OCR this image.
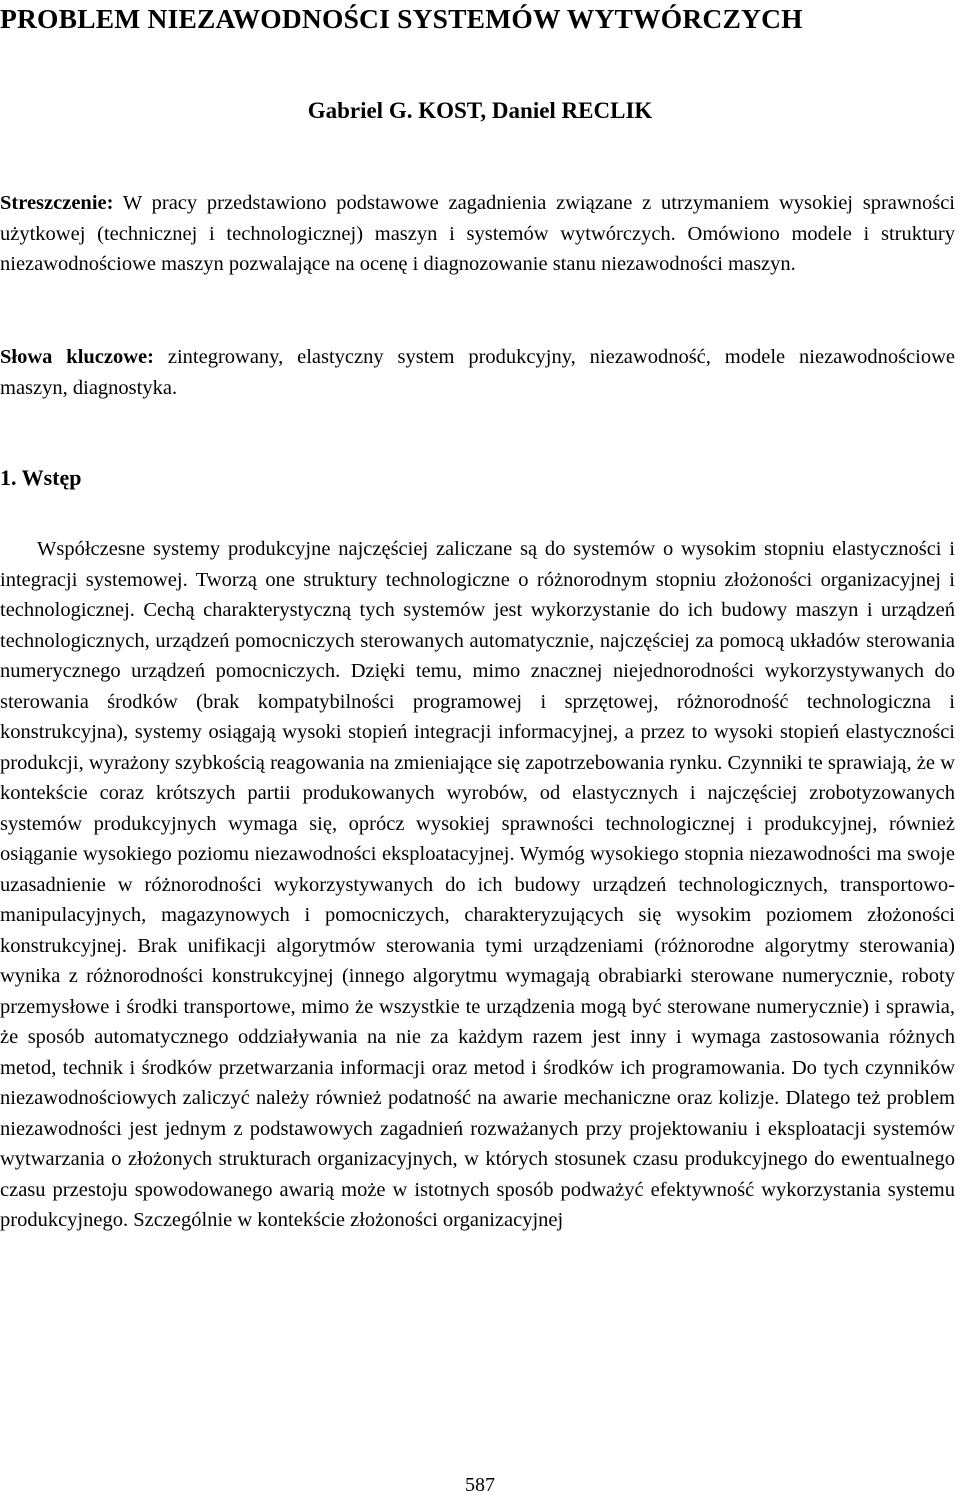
PROBLEM NIEZAWODNOŚCI SYSTEMÓW WYTWÓRCZYCH
Gabriel G. KOST, Daniel RECLIK

Streszczenie: W pracy przedstawiono podstawowe zagadnienia związane z utrzymaniem wysokiej sprawności użytkowej (technicznej i technologicznej) maszyn i systemów wytwórczych. Omówiono modele i struktury niezawodnościowe maszyn pozwalające na ocenę i diagnozowanie stanu niezawodności maszyn.

Słowa kluczowe: zintegrowany, elastyczny system produkcyjny, niezawodność, modele niezawodnościowe maszyn, diagnostyka.

1. Wstęp

Współczesne systemy produkcyjne najczęściej zaliczane są do systemów o wysokim stopniu elastyczności i integracji systemowej. Tworzą one struktury technologiczne o różnorodnym stopniu złożoności organizacyjnej i technologicznej. Cechą charakterystyczną tych systemów jest wykorzystanie do ich budowy maszyn i urządzeń technologicznych, urządzeń pomocniczych sterowanych automatycznie, najczęściej za pomocą układów sterowania numerycznego urządzeń pomocniczych. Dzięki temu, mimo znacznej niejednorodności wykorzystywanych do sterowania środków (brak kompatybilności programowej i sprzętowej, różnorodność technologiczna i konstrukcyjna), systemy osiągają wysoki stopień integracji informacyjnej, a przez to wysoki stopień elastyczności produkcji, wyrażony szybkością reagowania na zmieniające się zapotrzebowania rynku. Czynniki te sprawiają, że w kontekście coraz krótszych partii produkowanych wyrobów, od elastycznych i najczęściej zrobotyzowanych systemów produkcyjnych wymaga się, oprócz wysokiej sprawności technologicznej i produkcyjnej, również osiąganie wysokiego poziomu niezawodności eksploatacyjnej. Wymóg wysokiego stopnia niezawodności ma swoje uzasadnienie w różnorodności wykorzystywanych do ich budowy urządzeń technologicznych, transportowo-manipulacyjnych, magazynowych i pomocniczych, charakteryzujących się wysokim poziomem złożoności konstrukcyjnej. Brak unifikacji algorytmów sterowania tymi urządzeniami (różnorodne algorytmy sterowania) wynika z różnorodności konstrukcyjnej (innego algorytmu wymagają obrabiarki sterowane numerycznie, roboty przemysłowe i środki transportowe, mimo że wszystkie te urządzenia mogą być sterowane numerycznie) i sprawia, że sposób automatycznego oddziaływania na nie za każdym razem jest inny i wymaga zastosowania różnych metod, technik i środków przetwarzania informacji oraz metod i środków ich programowania. Do tych czynników niezawodnościowych zaliczyć należy również podatność na awarie mechaniczne oraz kolizje. Dlatego też problem niezawodności jest jednym z podstawowych zagadnień rozważanych przy projektowaniu i eksploatacji systemów wytwarzania o złożonych strukturach organizacyjnych, w których stosunek czasu produkcyjnego do ewentualnego czasu przestoju spowodowanego awarią może w istotnych sposób podważyć efektywność wykorzystania systemu produkcyjnego. Szczególnie w kontekście złożoności organizacyjnej

587
